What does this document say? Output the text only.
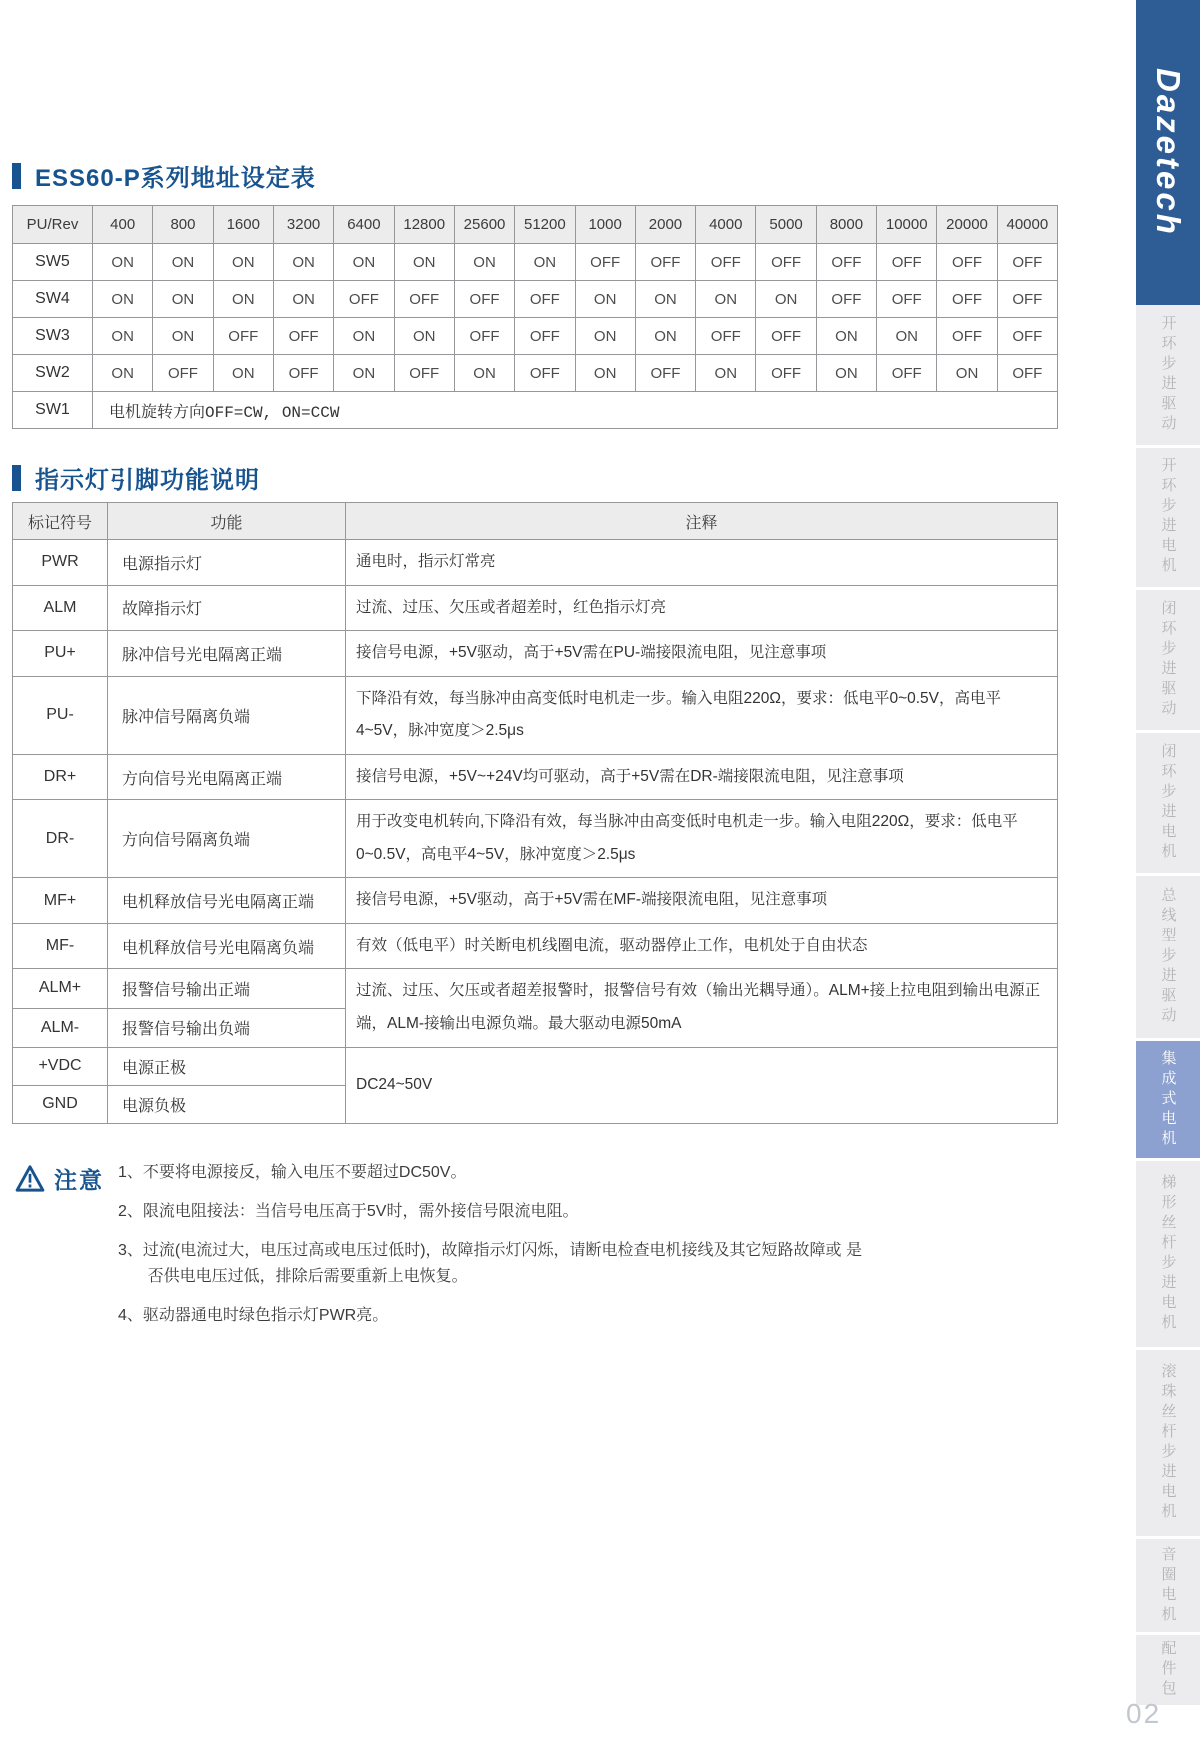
ESS60-P系列地址设定表
PU/Rev	400	800	1600	3200	6400	12800	25600	51200	1000	2000	4000	5000	8000	10000	20000	40000
SW5	ON	ON	ON	ON	ON	ON	ON	ON	OFF	OFF	OFF	OFF	OFF	OFF	OFF	OFF
SW4	ON	ON	ON	ON	OFF	OFF	OFF	OFF	ON	ON	ON	ON	OFF	OFF	OFF	OFF
SW3	ON	ON	OFF	OFF	ON	ON	OFF	OFF	ON	ON	OFF	OFF	ON	ON	OFF	OFF
SW2	ON	OFF	ON	OFF	ON	OFF	ON	OFF	ON	OFF	ON	OFF	ON	OFF	ON	OFF
SW1	电机旋转方向OFF=CW, ON=CCW															
指示灯引脚功能说明
标记符号	功能	注释
PWR	电源指示灯	通电时，指示灯常亮
ALM	故障指示灯	过流、过压、欠压或者超差时，红色指示灯亮
PU+	脉冲信号光电隔离正端	接信号电源，+5V驱动，高于+5V需在PU-端接限流电阻，见注意事项
PU-	脉冲信号隔离负端	下降沿有效，每当脉冲由高变低时电机走一步。输入电阻220Ω，要求：低电平0~0.5V，高电平4~5V，脉冲宽度＞2.5μs
DR+	方向信号光电隔离正端	接信号电源，+5V~+24V均可驱动，高于+5V需在DR-端接限流电阻，见注意事项
DR-	方向信号隔离负端	用于改变电机转向,下降沿有效，每当脉冲由高变低时电机走一步。输入电阻220Ω，要求：低电平0~0.5V，高电平4~5V，脉冲宽度＞2.5μs
MF+	电机释放信号光电隔离正端	接信号电源，+5V驱动，高于+5V需在MF-端接限流电阻，见注意事项
MF-	电机释放信号光电隔离负端	有效（低电平）时关断电机线圈电流，驱动器停止工作，电机处于自由状态
ALM+	报警信号输出正端	过流、过压、欠压或者超差报警时，报警信号有效（输出光耦导通）。ALM+接上拉电阻到输出电源正端，ALM-接输出电源负端。最大驱动电源50mA
ALM-	报警信号输出负端	
+VDC	电源正极	DC24~50V
GND	电源负极	
注意 1、不要将电源接反，输入电压不要超过DC50V。
2、限流电阻接法：当信号电压高于5V时，需外接信号限流电阻。
3、过流(电流过大，电压过高或电压过低时)，故障指示灯闪烁，请断电检查电机接线及其它短路故障或 是否供电电压过低，排除后需要重新上电恢复。
4、驱动器通电时绿色指示灯PWR亮。
Dazetech
开环步进驱动
开环步进电机
闭环步进驱动
闭环步进电机
总线型步进驱动
集成式电机
梯形丝杆步进电机
滚珠丝杆步进电机
音圈电机
配件包
02
